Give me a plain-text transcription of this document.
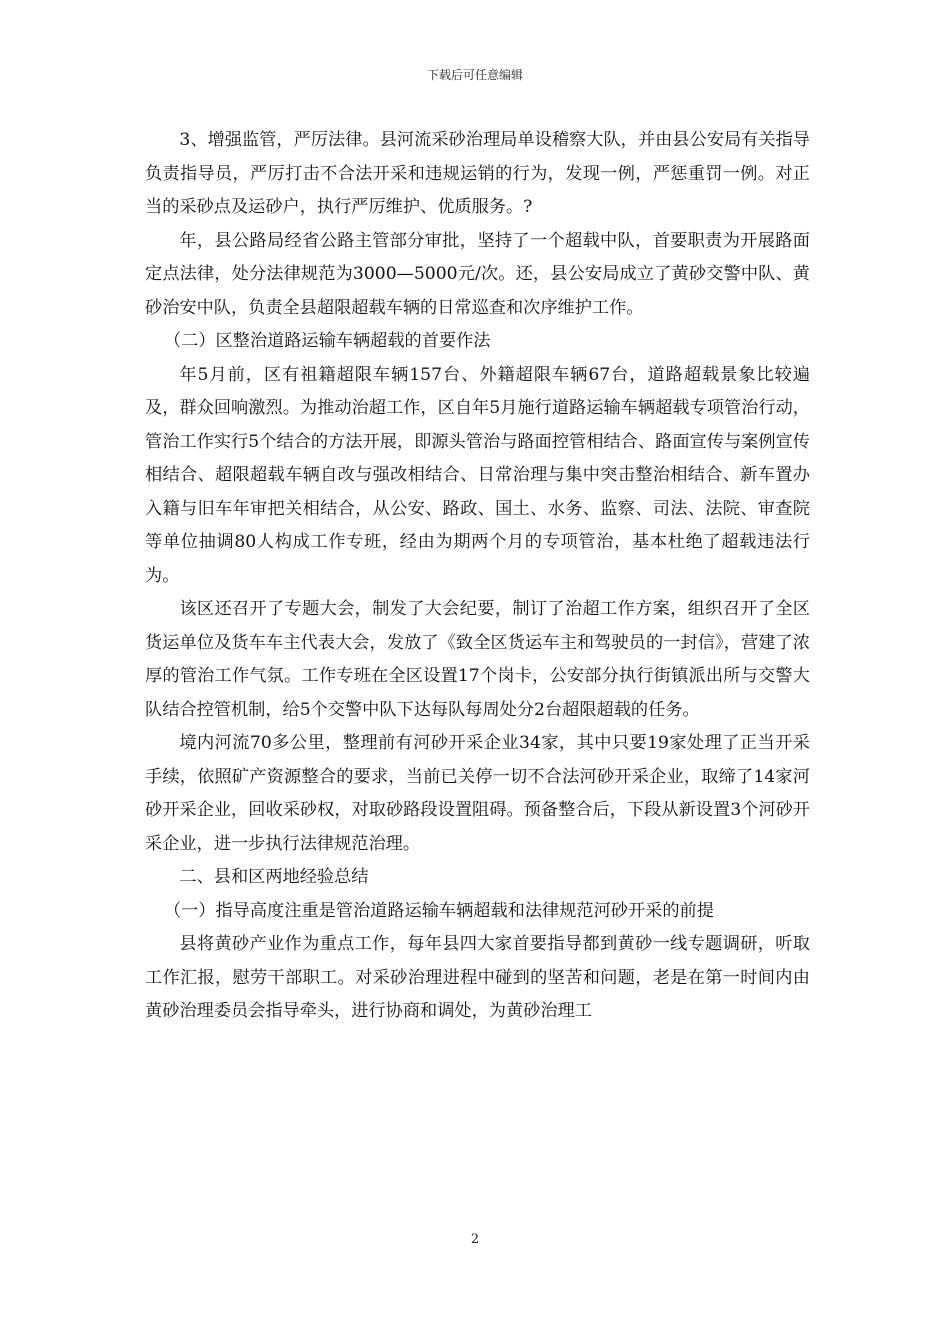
下载后可任意编辑

3、增强监管，严厉法律。县河流采砂治理局单设稽察大队，并由县公安局有关指导负责指导员，严厉打击不合法开采和违规运销的行为，发现一例，严惩重罚一例。对正当的采砂点及运砂户，执行严厉维护、优质服务。?

年，县公路局经省公路主管部分审批，坚持了一个超载中队，首要职责为开展路面定点法律，处分法律规范为3000—5000元/次。还，县公安局成立了黄砂交警中队、黄砂治安中队，负责全县超限超载车辆的日常巡查和次序维护工作。

（二）区整治道路运输车辆超载的首要作法

年5月前，区有祖籍超限车辆157台、外籍超限车辆67台，道路超载景象比较遍及，群众回响激烈。为推动治超工作，区自年5月施行道路运输车辆超载专项管治行动，管治工作实行5个结合的方法开展，即源头管治与路面控管相结合、路面宣传与案例宣传相结合、超限超载车辆自改与强改相结合、日常治理与集中突击整治相结合、新车置办入籍与旧车年审把关相结合，从公安、路政、国土、水务、监察、司法、法院、审查院等单位抽调80人构成工作专班，经由为期两个月的专项管治，基本杜绝了超载违法行为。

该区还召开了专题大会，制发了大会纪要，制订了治超工作方案，组织召开了全区货运单位及货车车主代表大会，发放了《致全区货运车主和驾驶员的一封信》，营建了浓厚的管治工作气氛。工作专班在全区设置17个岗卡，公安部分执行街镇派出所与交警大队结合控管机制，给5个交警中队下达每队每周处分2台超限超载的任务。

境内河流70多公里，整理前有河砂开采企业34家，其中只要19家处理了正当开采手续，依照矿产资源整合的要求，当前已关停一切不合法河砂开采企业，取缔了14家河砂开采企业，回收采砂权，对取砂路段设置阻碍。预备整合后，下段从新设置3个河砂开采企业，进一步执行法律规范治理。

二、县和区两地经验总结

（一）指导高度注重是管治道路运输车辆超载和法律规范河砂开采的前提

县将黄砂产业作为重点工作，每年县四大家首要指导都到黄砂一线专题调研，听取工作汇报，慰劳干部职工。对采砂治理进程中碰到的坚苦和问题，老是在第一时间内由黄砂治理委员会指导牵头，进行协商和调处，为黄砂治理工

2
